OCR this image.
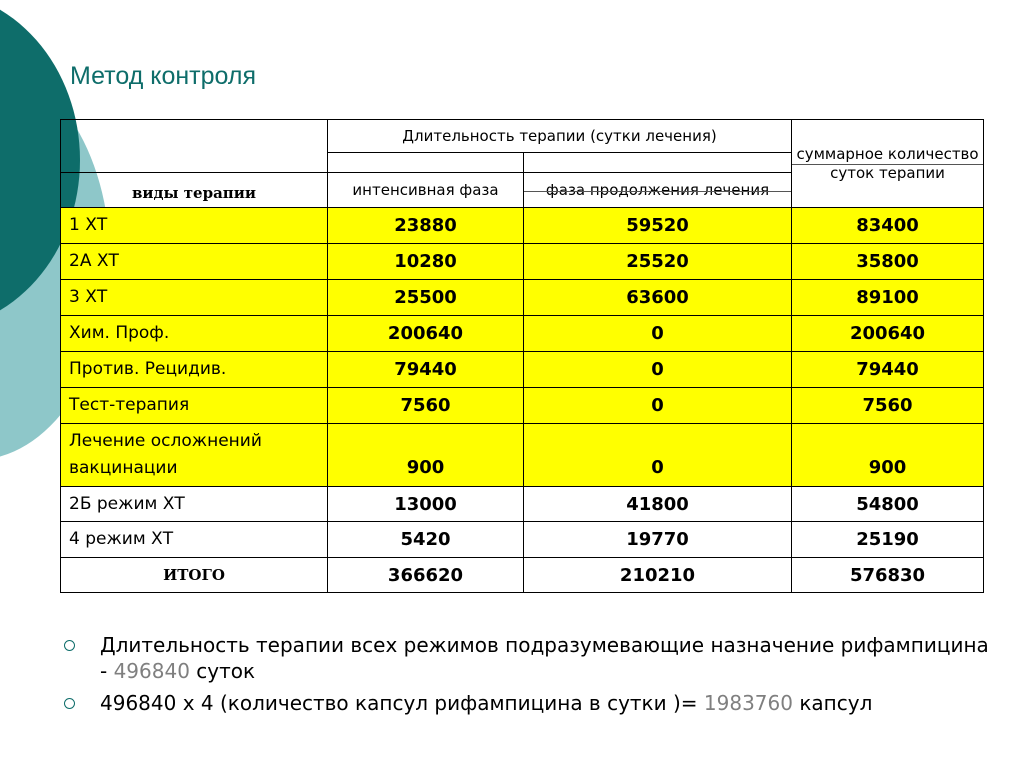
Метод контроля
виды терапии	Длительность терапии (сутки лечения)		суммарное количество суток терапии

	интенсивная фаза	фаза продолжения лечения	
1 ХТ	23880	59520	83400
2А ХТ	10280	25520	35800
3 ХТ	25500	63600	89100
Хим. Проф.	200640	0	200640
Против. Рецидив.	79440	0	79440
Тест-терапия	7560	0	7560
Лечение осложнений вакцинации	900	0	900
2Б режим ХТ	13000	41800	54800
4 режим ХТ	5420	19770	25190
ИТОГО	366620	210210	576830
Длительность терапии всех режимов подразумевающие назначение рифампицина - 496840 суток
496840 х 4 (количество капсул рифампицина в сутки )= 1983760 капсул
